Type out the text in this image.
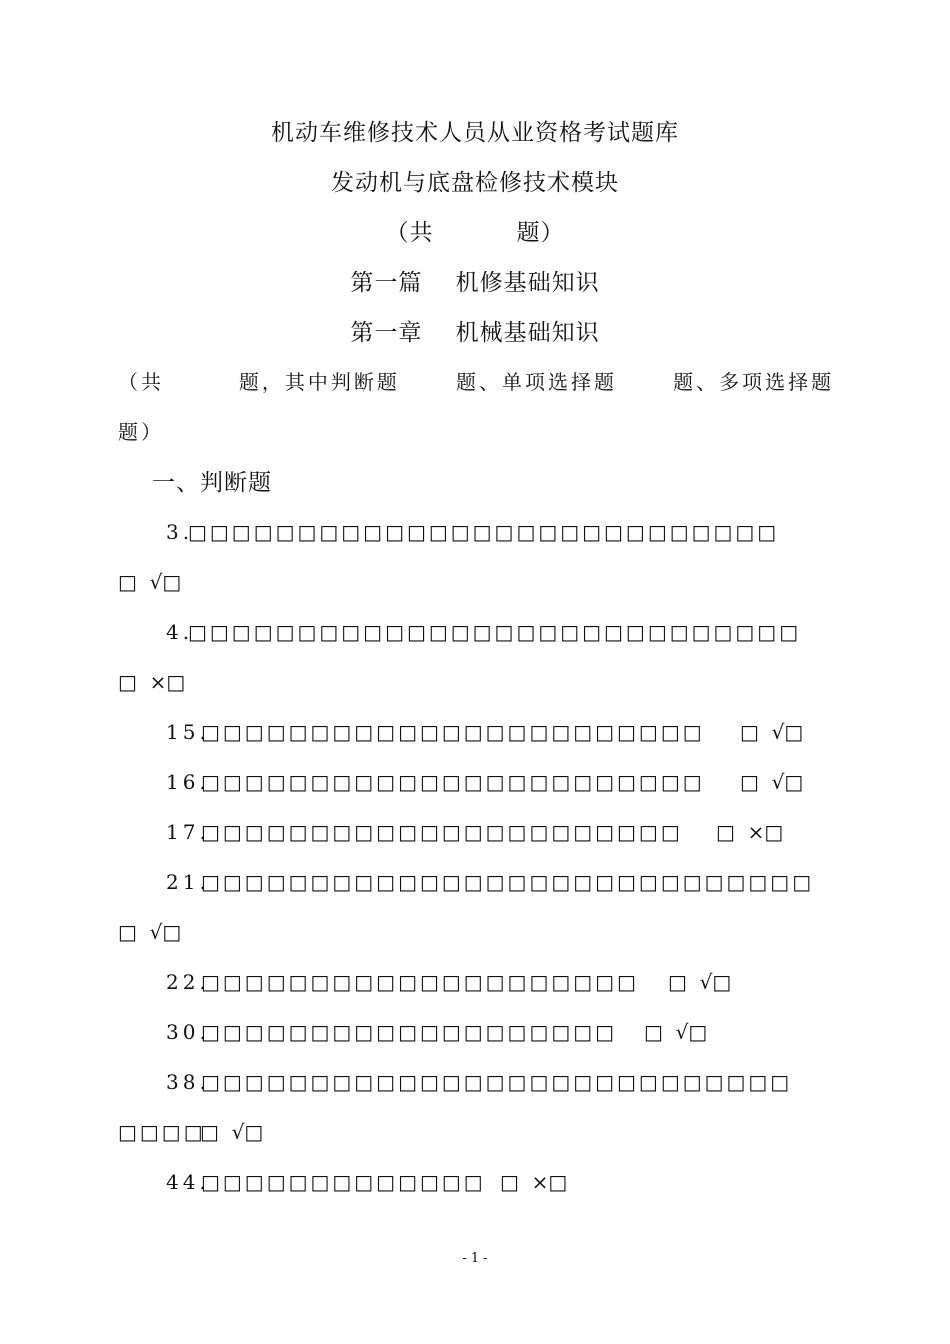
机动车维修技术人员从业资格考试题库
发动机与底盘检修技术模块
（共          题）
第一篇    机修基础知识
第一章    机械基础知识
（共        题，其中判断题      题、单项选择题      题、多项选择题
题）
一、判断题
3.
□□□□□□□□□□□□□□□□□□□□□□□□□□□
□  √□
4.
□□□□□□□□□□□□□□□□□□□□□□□□□□□□
□  ×□
15.
□□□□□□□□□□□□□□□□□□□□□□□ □  √□
16.
□□□□□□□□□□□□□□□□□□□□□□□ □  √□
17.
□□□□□□□□□□□□□□□□□□□□□□ □  ×□
21.
□□□□□□□□□□□□□□□□□□□□□□□□□□□□
□  √□
22.
□□□□□□□□□□□□□□□□□□□□ □  √□
30.
□□□□□□□□□□□□□□□□□□□ □  √□
38.
□□□□□□□□□□□□□□□□□□□□□□□□□□□
□□□□
□  √□
44.
□□□□□□□□□□□□□ □  ×□
- 1 -
